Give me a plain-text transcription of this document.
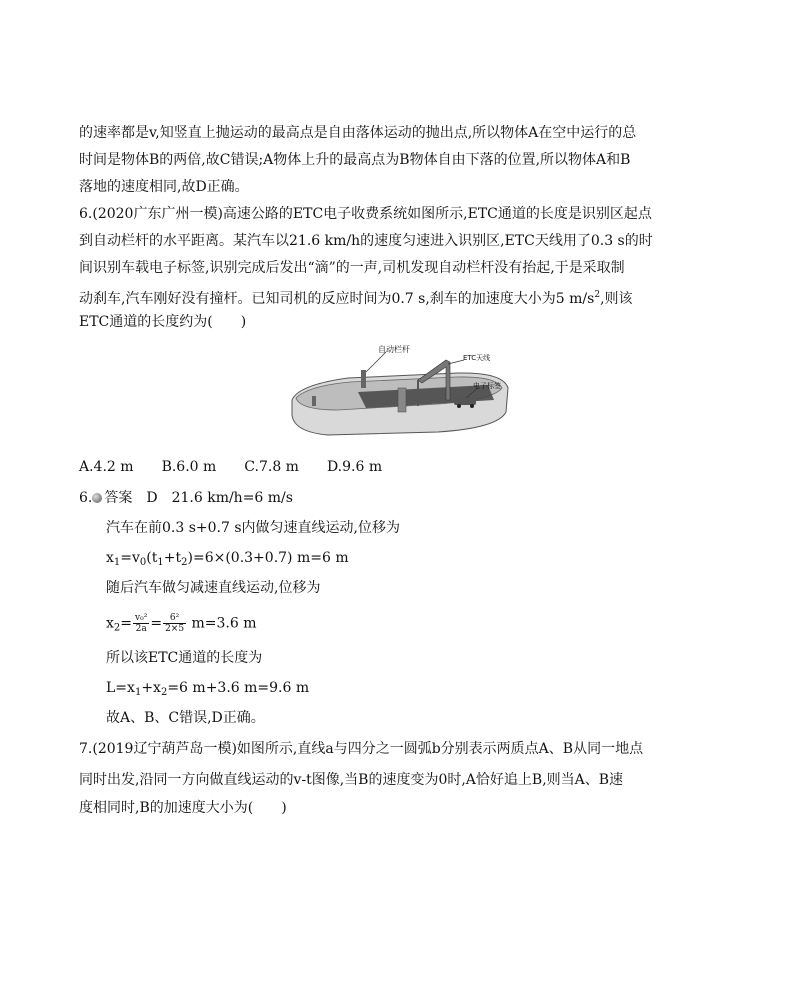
的速率都是v,知竖直上抛运动的最高点是自由落体运动的抛出点,所以物体A在空中运行的总
时间是物体B的两倍,故C错误;A物体上升的最高点为B物体自由下落的位置,所以物体A和B
落地的速度相同,故D正确。
6.(2020广东广州一模)高速公路的ETC电子收费系统如图所示,ETC通道的长度是识别区起点
到自动栏杆的水平距离。某汽车以21.6 km/h的速度匀速进入识别区,ETC天线用了0.3 s的时
间识别车载电子标签,识别完成后发出“滴”的一声,司机发现自动栏杆没有抬起,于是采取制
动刹车,汽车刚好没有撞杆。已知司机的反应时间为0.7 s,刹车的加速度大小为5 $m/s^2$,则该
ETC通道的长度约为(　　)
自动栏杆
ETC天线
电子标签
A.4.2 m B.6.0 m C.7.8 m D.9.6 m
6. 答案　 D　21.6 km/h=6 m/s
汽车在前0.3 s+0.7 s内做匀速直线运动,位移为
$x_1=v_0(t_1+t_2)=6\times(0.3+0.7)$ m=6 m
随后汽车做匀减速直线运动,位移为
$x_2= \frac{\text{v₀²}}{2a} = \frac{\text{6²}}{2\times 5} m=3.6$ m
所以该ETC通道的长度为
$L=x_1+x_2=6$ m+3.6 m=9.6 m
故A、B、C错误,D正确。
7.(2019辽宁葫芦岛一模)如图所示,直线a与四分之一圆弧b分别表示两质点A、B从同一地点
同时出发,沿同一方向做直线运动的v-t图像,当B的速度变为0时,A恰好追上B,则当A、B速
度相同时,B的加速度大小为(　　)
